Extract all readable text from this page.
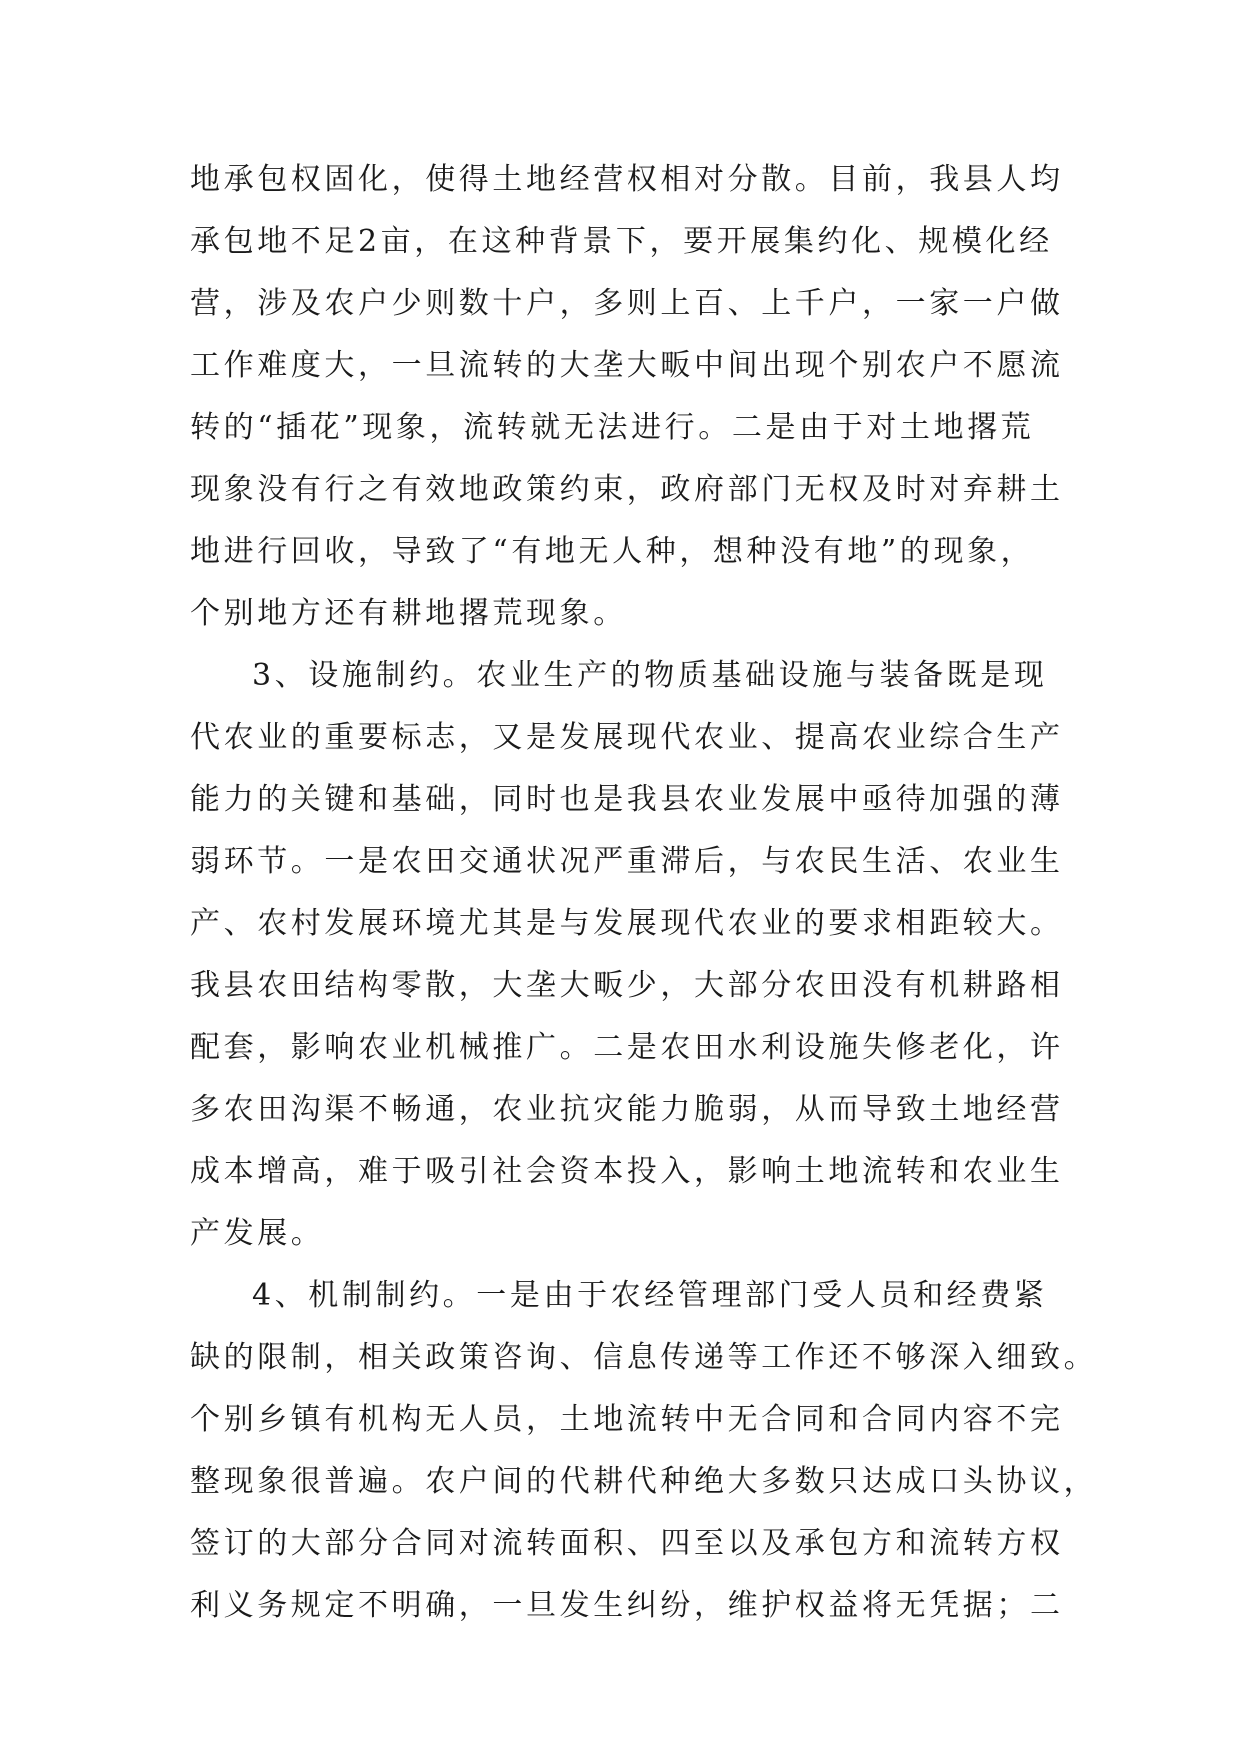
地承包权固化，使得土地经营权相对分散。目前，我县人均
承包地不足2亩，在这种背景下，要开展集约化、规模化经
营，涉及农户少则数十户，多则上百、上千户，一家一户做
工作难度大，一旦流转的大垄大畈中间出现个别农户不愿流
转的“插花”现象，流转就无法进行。二是由于对土地撂荒
现象没有行之有效地政策约束，政府部门无权及时对弃耕土
地进行回收，导致了“有地无人种，想种没有地”的现象，
个别地方还有耕地撂荒现象。
3、设施制约。农业生产的物质基础设施与装备既是现
代农业的重要标志，又是发展现代农业、提高农业综合生产
能力的关键和基础，同时也是我县农业发展中亟待加强的薄
弱环节。一是农田交通状况严重滞后，与农民生活、农业生
产、农村发展环境尤其是与发展现代农业的要求相距较大。
我县农田结构零散，大垄大畈少，大部分农田没有机耕路相
配套，影响农业机械推广。二是农田水利设施失修老化，许
多农田沟渠不畅通，农业抗灾能力脆弱，从而导致土地经营
成本增高，难于吸引社会资本投入，影响土地流转和农业生
产发展。
4、机制制约。一是由于农经管理部门受人员和经费紧
缺的限制，相关政策咨询、信息传递等工作还不够深入细致。
个别乡镇有机构无人员，土地流转中无合同和合同内容不完
整现象很普遍。农户间的代耕代种绝大多数只达成口头协议，
签订的大部分合同对流转面积、四至以及承包方和流转方权
利义务规定不明确，一旦发生纠纷，维护权益将无凭据；二
